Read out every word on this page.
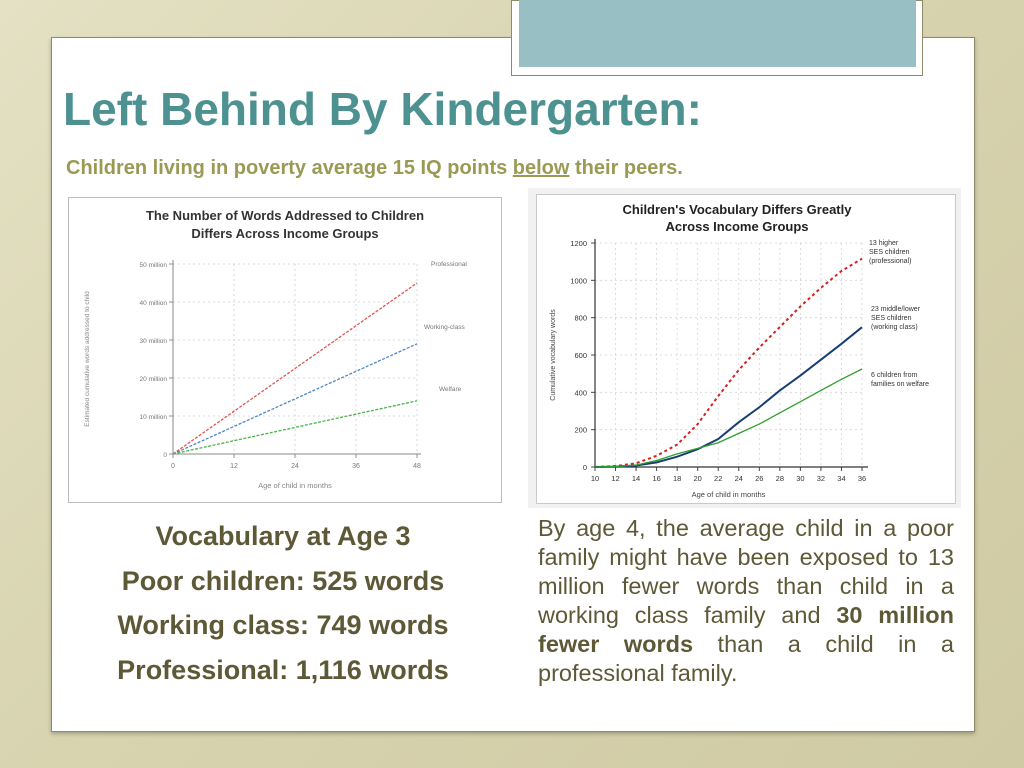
Left Behind By Kindergarten:

Children living in poverty average 15 IQ points below their peers.

The Number of Words Addressed to Children
Differs Across Income Groups
0
10 million
20 million
30 million
40 million
50 million
0	12	24	36	48
Age of child in months
Estimated cumulative words addressed to child
Professional
Working-class
Welfare
Children's Vocabulary Differs Greatly
Across Income Groups
0
200
400
600
800
1000
1200
10 12 14 16 18 20 22 24 26 28 30 32 34 36
Age of child in months
Cumulative vocabulary words
13 higher
SES children
(professional)
23 middle/lower
SES children
(working class)
6 children from
families on welfare
Vocabulary at Age 3
Poor children: 525 words
Working class: 749 words
Professional: 1,116 words
By age 4, the average child in a poor family might have been exposed to 13 million fewer words than child in a working class family and 30 million fewer words than a child in a professional family.
